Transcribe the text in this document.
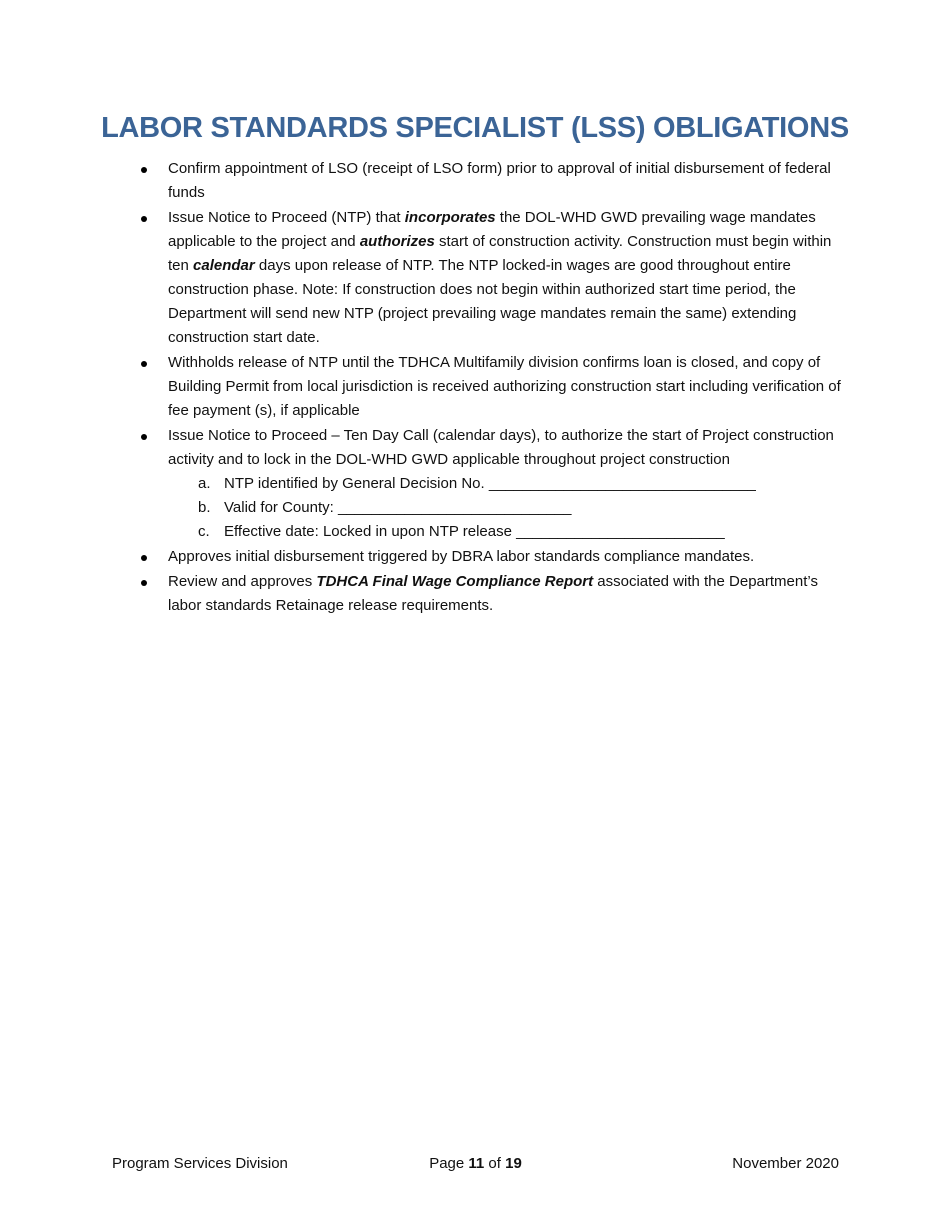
LABOR STANDARDS SPECIALIST (LSS) OBLIGATIONS
Confirm appointment of LSO (receipt of LSO form) prior to approval of initial disbursement of federal funds
Issue Notice to Proceed (NTP) that incorporates the DOL-WHD GWD prevailing wage mandates applicable to the project and authorizes start of construction activity. Construction must begin within ten calendar days upon release of NTP. The NTP locked-in wages are good throughout entire construction phase. Note: If construction does not begin within authorized start time period, the Department will send new NTP (project prevailing wage mandates remain the same) extending construction start date.
Withholds release of NTP until the TDHCA Multifamily division confirms loan is closed, and copy of Building Permit from local jurisdiction is received authorizing construction start including verification of fee payment (s), if applicable
Issue Notice to Proceed – Ten Day Call (calendar days), to authorize the start of Project construction activity and to lock in the DOL-WHD GWD applicable throughout project construction
a. NTP identified by General Decision No. ________________________________
b. Valid for County: ____________________________
c. Effective date: Locked in upon NTP release _________________________
Approves initial disbursement triggered by DBRA labor standards compliance mandates.
Review and approves TDHCA Final Wage Compliance Report associated with the Department’s labor standards Retainage release requirements.
Program Services Division	Page 11 of 19	November 2020
